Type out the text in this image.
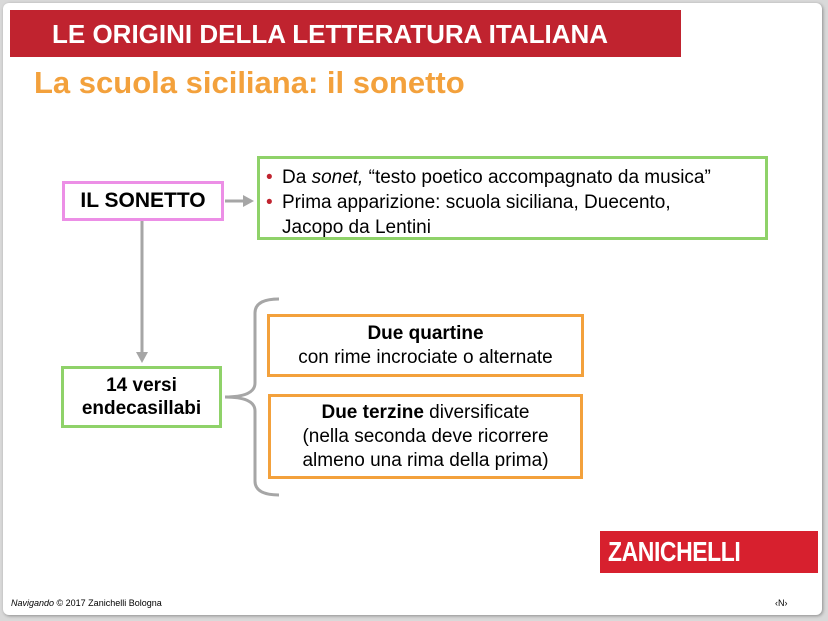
LE ORIGINI DELLA LETTERATURA ITALIANA
La scuola siciliana: il sonetto
IL SONETTO
• Da sonet, “testo poetico accompagnato da musica”
• Prima apparizione: scuola siciliana, Duecento,
Jacopo da Lentini
14 versi
endecasillabi
Due quartine
con rime incrociate o alternate
Due terzine diversificate
(nella seconda deve ricorrere
almeno una rima della prima)
ZANICHELLI
Navigando © 2017 Zanichelli Bologna	‹N›
